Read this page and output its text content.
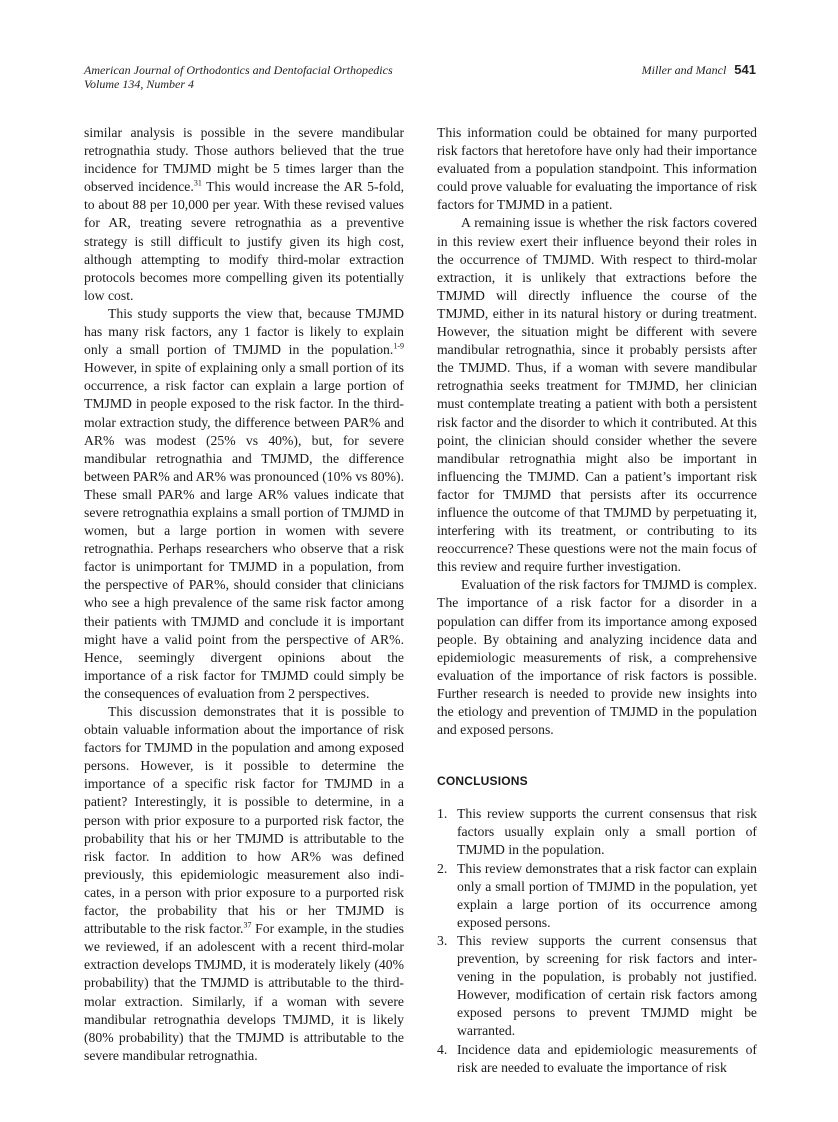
American Journal of Orthodontics and Dentofacial Orthopedics
Volume 134, Number 4
Miller and Mancl 541

similar analysis is possible in the severe mandibular retrognathia study. Those authors believed that the true incidence for TMJMD might be 5 times larger than the observed incidence.$^{31}$ This would increase the AR 5-fold, to about 88 per 10,000 per year. With these revised values for AR, treating severe retrognathia as a preventive strategy is still difficult to justify given its high cost, although attempting to modify third-molar extraction protocols becomes more compelling given its potentially low cost.

This study supports the view that, because TMJMD has many risk factors, any 1 factor is likely to explain only a small portion of TMJMD in the population.$^{1-9}$ However, in spite of explaining only a small portion of its occurrence, a risk factor can explain a large portion of TMJMD in people exposed to the risk factor. In the third-molar extraction study, the difference between PAR% and AR% was modest (25% vs 40%), but, for severe mandibular retrognathia and TMJMD, the difference between PAR% and AR% was pronounced (10% vs 80%). These small PAR% and large AR% values indicate that severe retrognathia explains a small portion of TMJMD in women, but a large portion in women with severe retrognathia. Perhaps researchers who observe that a risk factor is unimportant for TMJMD in a population, from the perspective of PAR%, should consider that clinicians who see a high prevalence of the same risk factor among their patients with TMJMD and conclude it is important might have a valid point from the perspective of AR%. Hence, seemingly divergent opinions about the importance of a risk factor for TMJMD could simply be the consequences of evaluation from 2 perspectives.

This discussion demonstrates that it is possible to obtain valuable information about the importance of risk factors for TMJMD in the population and among exposed persons. However, is it possible to determine the importance of a specific risk factor for TMJMD in a patient? Interestingly, it is possible to determine, in a person with prior exposure to a purported risk factor, the probability that his or her TMJMD is attributable to the risk factor. In addition to how AR% was defined previously, this epidemiologic measurement also indicates, in a person with prior exposure to a purported risk factor, the probability that his or her TMJMD is attributable to the risk factor.$^{37}$ For example, in the studies we reviewed, if an adolescent with a recent third-molar extraction develops TMJMD, it is moderately likely (40% probability) that the TMJMD is attributable to the third-molar extraction. Similarly, if a woman with severe mandibular retrognathia develops TMJMD, it is likely (80% probability) that the TMJMD is attributable to the severe mandibular retrognathia.

This information could be obtained for many purported risk factors that heretofore have only had their importance evaluated from a population standpoint. This information could prove valuable for evaluating the importance of risk factors for TMJMD in a patient.

A remaining issue is whether the risk factors covered in this review exert their influence beyond their roles in the occurrence of TMJMD. With respect to third-molar extraction, it is unlikely that extractions before the TMJMD will directly influence the course of the TMJMD, either in its natural history or during treatment. However, the situation might be different with severe mandibular retrognathia, since it probably persists after the TMJMD. Thus, if a woman with severe mandibular retrognathia seeks treatment for TMJMD, her clinician must contemplate treating a patient with both a persistent risk factor and the disorder to which it contributed. At this point, the clinician should consider whether the severe mandibular retrognathia might also be important in influencing the TMJMD. Can a patient’s important risk factor for TMJMD that persists after its occurrence influence the outcome of that TMJMD by perpetuating it, interfering with its treatment, or contributing to its reoccurrence? These questions were not the main focus of this review and require further investigation.

Evaluation of the risk factors for TMJMD is complex. The importance of a risk factor for a disorder in a population can differ from its importance among exposed people. By obtaining and analyzing incidence data and epidemiologic measurements of risk, a comprehensive evaluation of the importance of risk factors is possible. Further research is needed to provide new insights into the etiology and prevention of TMJMD in the population and exposed persons.

CONCLUSIONS
1. This review supports the current consensus that risk factors usually explain only a small portion of TMJMD in the population.
2. This review demonstrates that a risk factor can explain only a small portion of TMJMD in the population, yet explain a large portion of its occurrence among exposed persons.
3. This review supports the current consensus that prevention, by screening for risk factors and intervening in the population, is probably not justified. However, modification of certain risk factors among exposed persons to prevent TMJMD might be warranted.
4. Incidence data and epidemiologic measurements of risk are needed to evaluate the importance of risk
